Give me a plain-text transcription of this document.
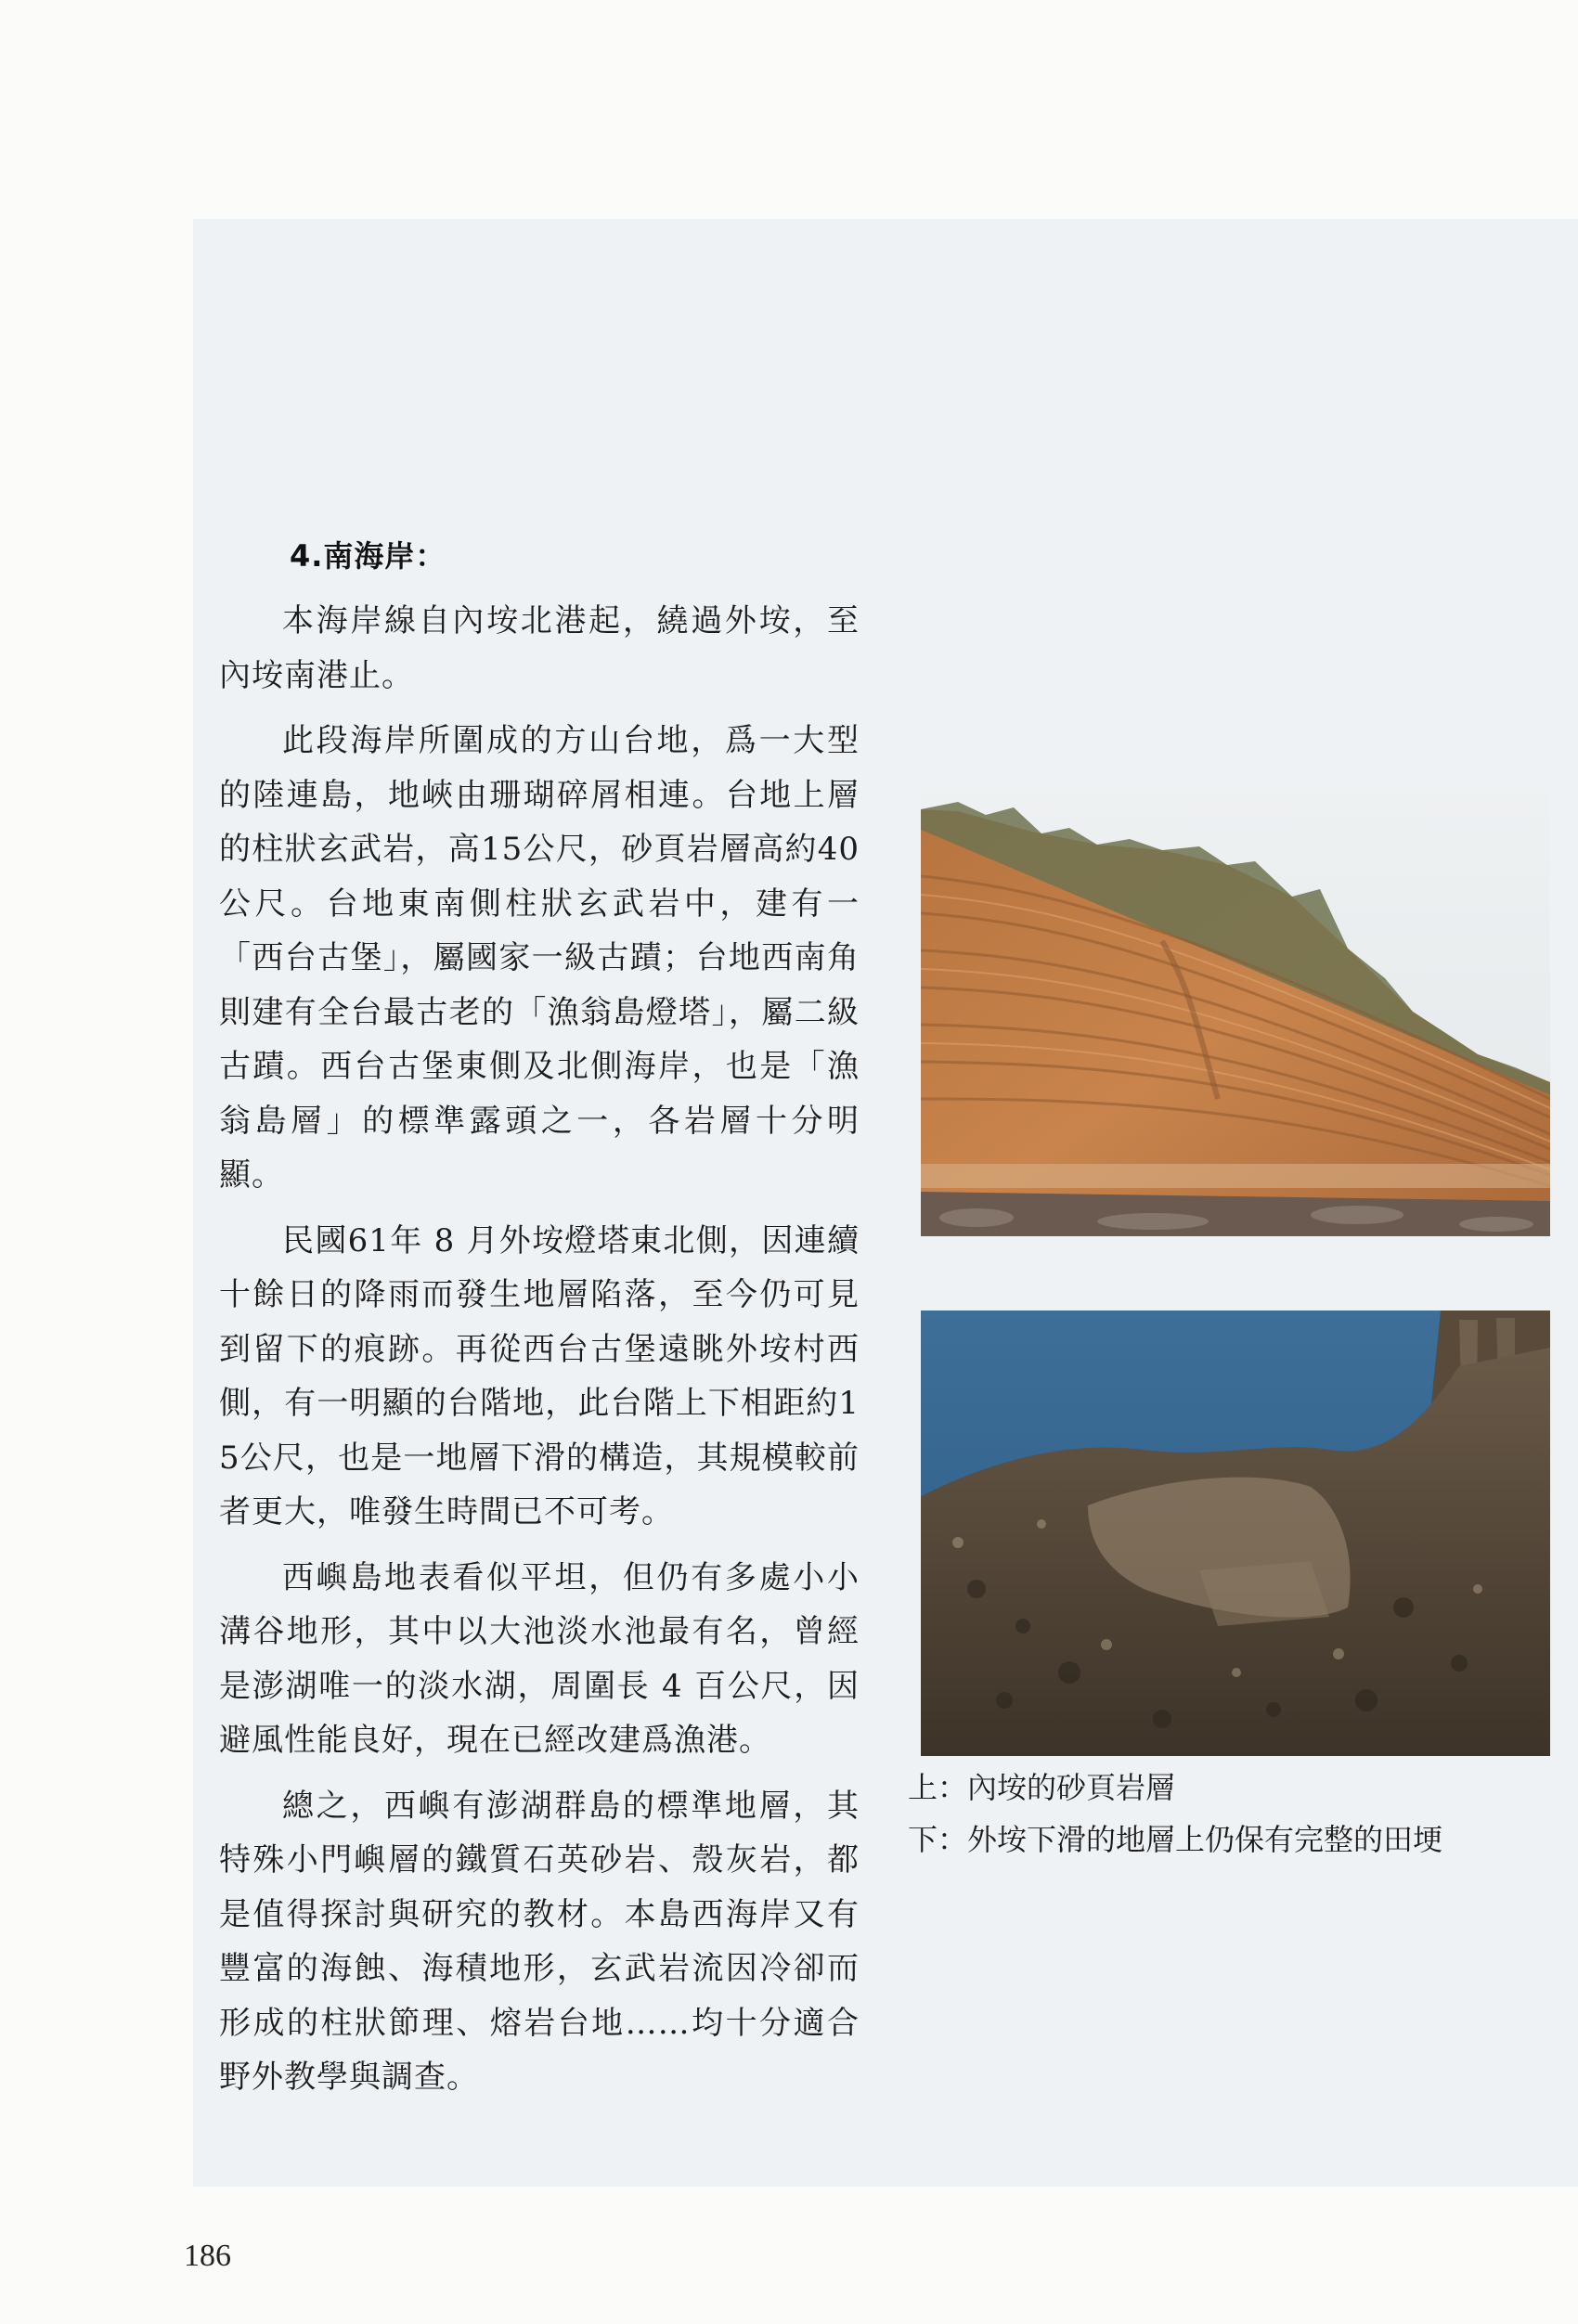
4.南海岸：

本海岸線自內垵北港起，繞過外垵，至內垵南港止。

此段海岸所圍成的方山台地，爲一大型的陸連島，地峽由珊瑚碎屑相連。台地上層的柱狀玄武岩，高15公尺，砂頁岩層高約40公尺。台地東南側柱狀玄武岩中，建有一「西台古堡」，屬國家一級古蹟；台地西南角則建有全台最古老的「漁翁島燈塔」，屬二級古蹟。西台古堡東側及北側海岸，也是「漁翁島層」的標準露頭之一，各岩層十分明顯。

民國61年 8 月外垵燈塔東北側，因連續十餘日的降雨而發生地層陷落，至今仍可見到留下的痕跡。再從西台古堡遠眺外垵村西側，有一明顯的台階地，此台階上下相距約15公尺，也是一地層下滑的構造，其規模較前者更大，唯發生時間已不可考。

西嶼島地表看似平坦，但仍有多處小小溝谷地形，其中以大池淡水池最有名，曾經是澎湖唯一的淡水湖，周圍長 4 百公尺，因避風性能良好，現在已經改建爲漁港。

總之，西嶼有澎湖群島的標準地層，其特殊小門嶼層的鐵質石英砂岩、殼灰岩，都是值得探討與研究的教材。本島西海岸又有豐富的海蝕、海積地形，玄武岩流因冷卻而形成的柱狀節理、熔岩台地……均十分適合野外教學與調查。

上：內垵的砂頁岩層
下：外垵下滑的地層上仍保有完整的田埂
186
